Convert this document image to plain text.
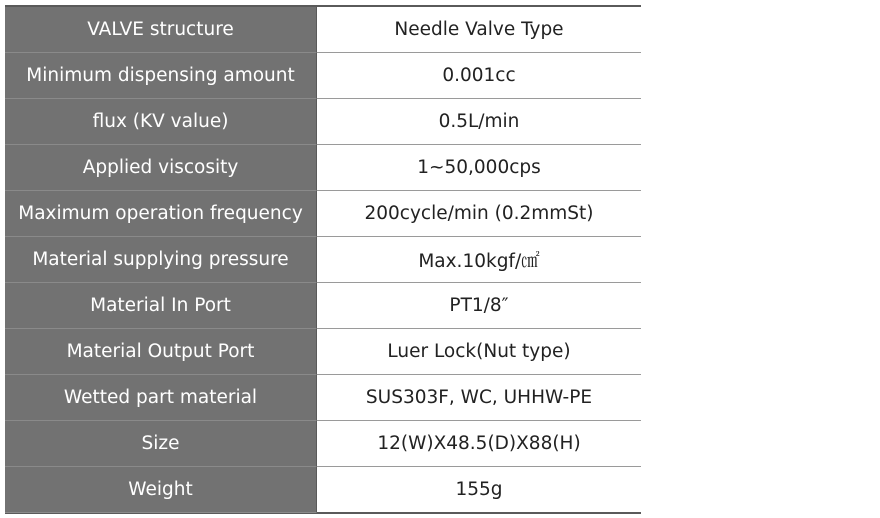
VALVE structure	Needle Valve Type
Minimum dispensing amount	0.001cc
flux (KV value)	0.5L/min
Applied viscosity	1~50,000cps
Maximum operation frequency	200cycle/min (0.2mmSt)
Material supplying pressure	Max.10kgf/㎠
Material In Port	PT1/8″
Material Output Port	Luer Lock(Nut type)
Wetted part material	SUS303F, WC, UHHW-PE
Size	12(W)X48.5(D)X88(H)
Weight	155g
